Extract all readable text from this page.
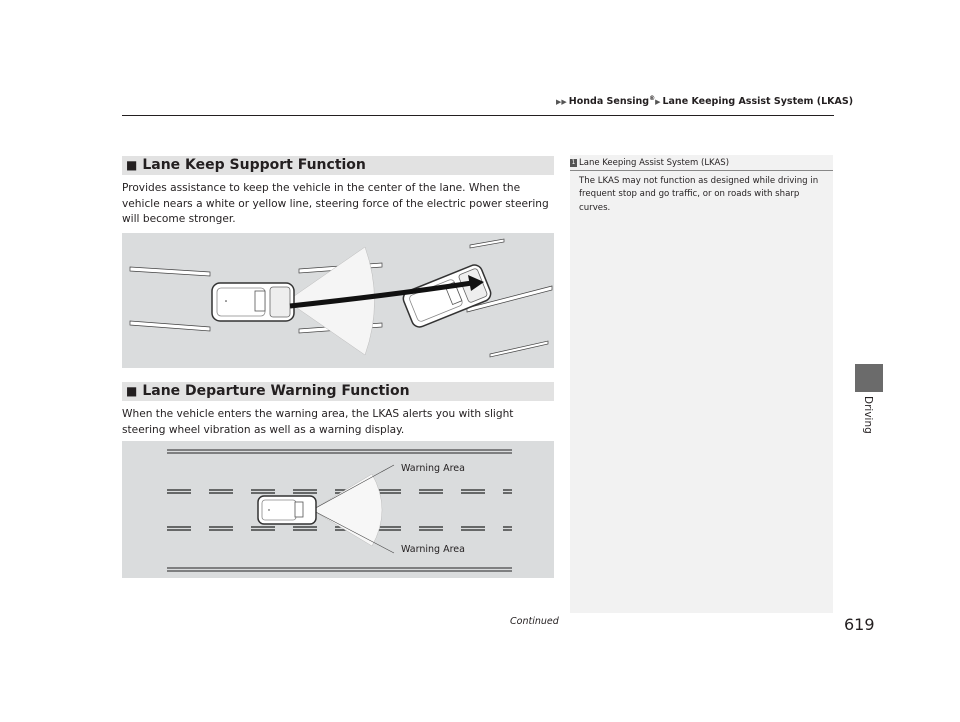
▶▶ Honda Sensing®▶ Lane Keeping Assist System (LKAS)
Driving
■ Lane Keep Support Function
Provides assistance to keep the vehicle in the center of the lane. When the vehicle nears a white or yellow line, steering force of the electric power steering will become stronger.
■ Lane Departure Warning Function
When the vehicle enters the warning area, the LKAS alerts you with slight steering wheel vibration as well as a warning display.
Warning Area
Warning Area
1 Lane Keeping Assist System (LKAS)
The LKAS may not function as designed while driving in frequent stop and go traffic, or on roads with sharp curves.
Continued	619
